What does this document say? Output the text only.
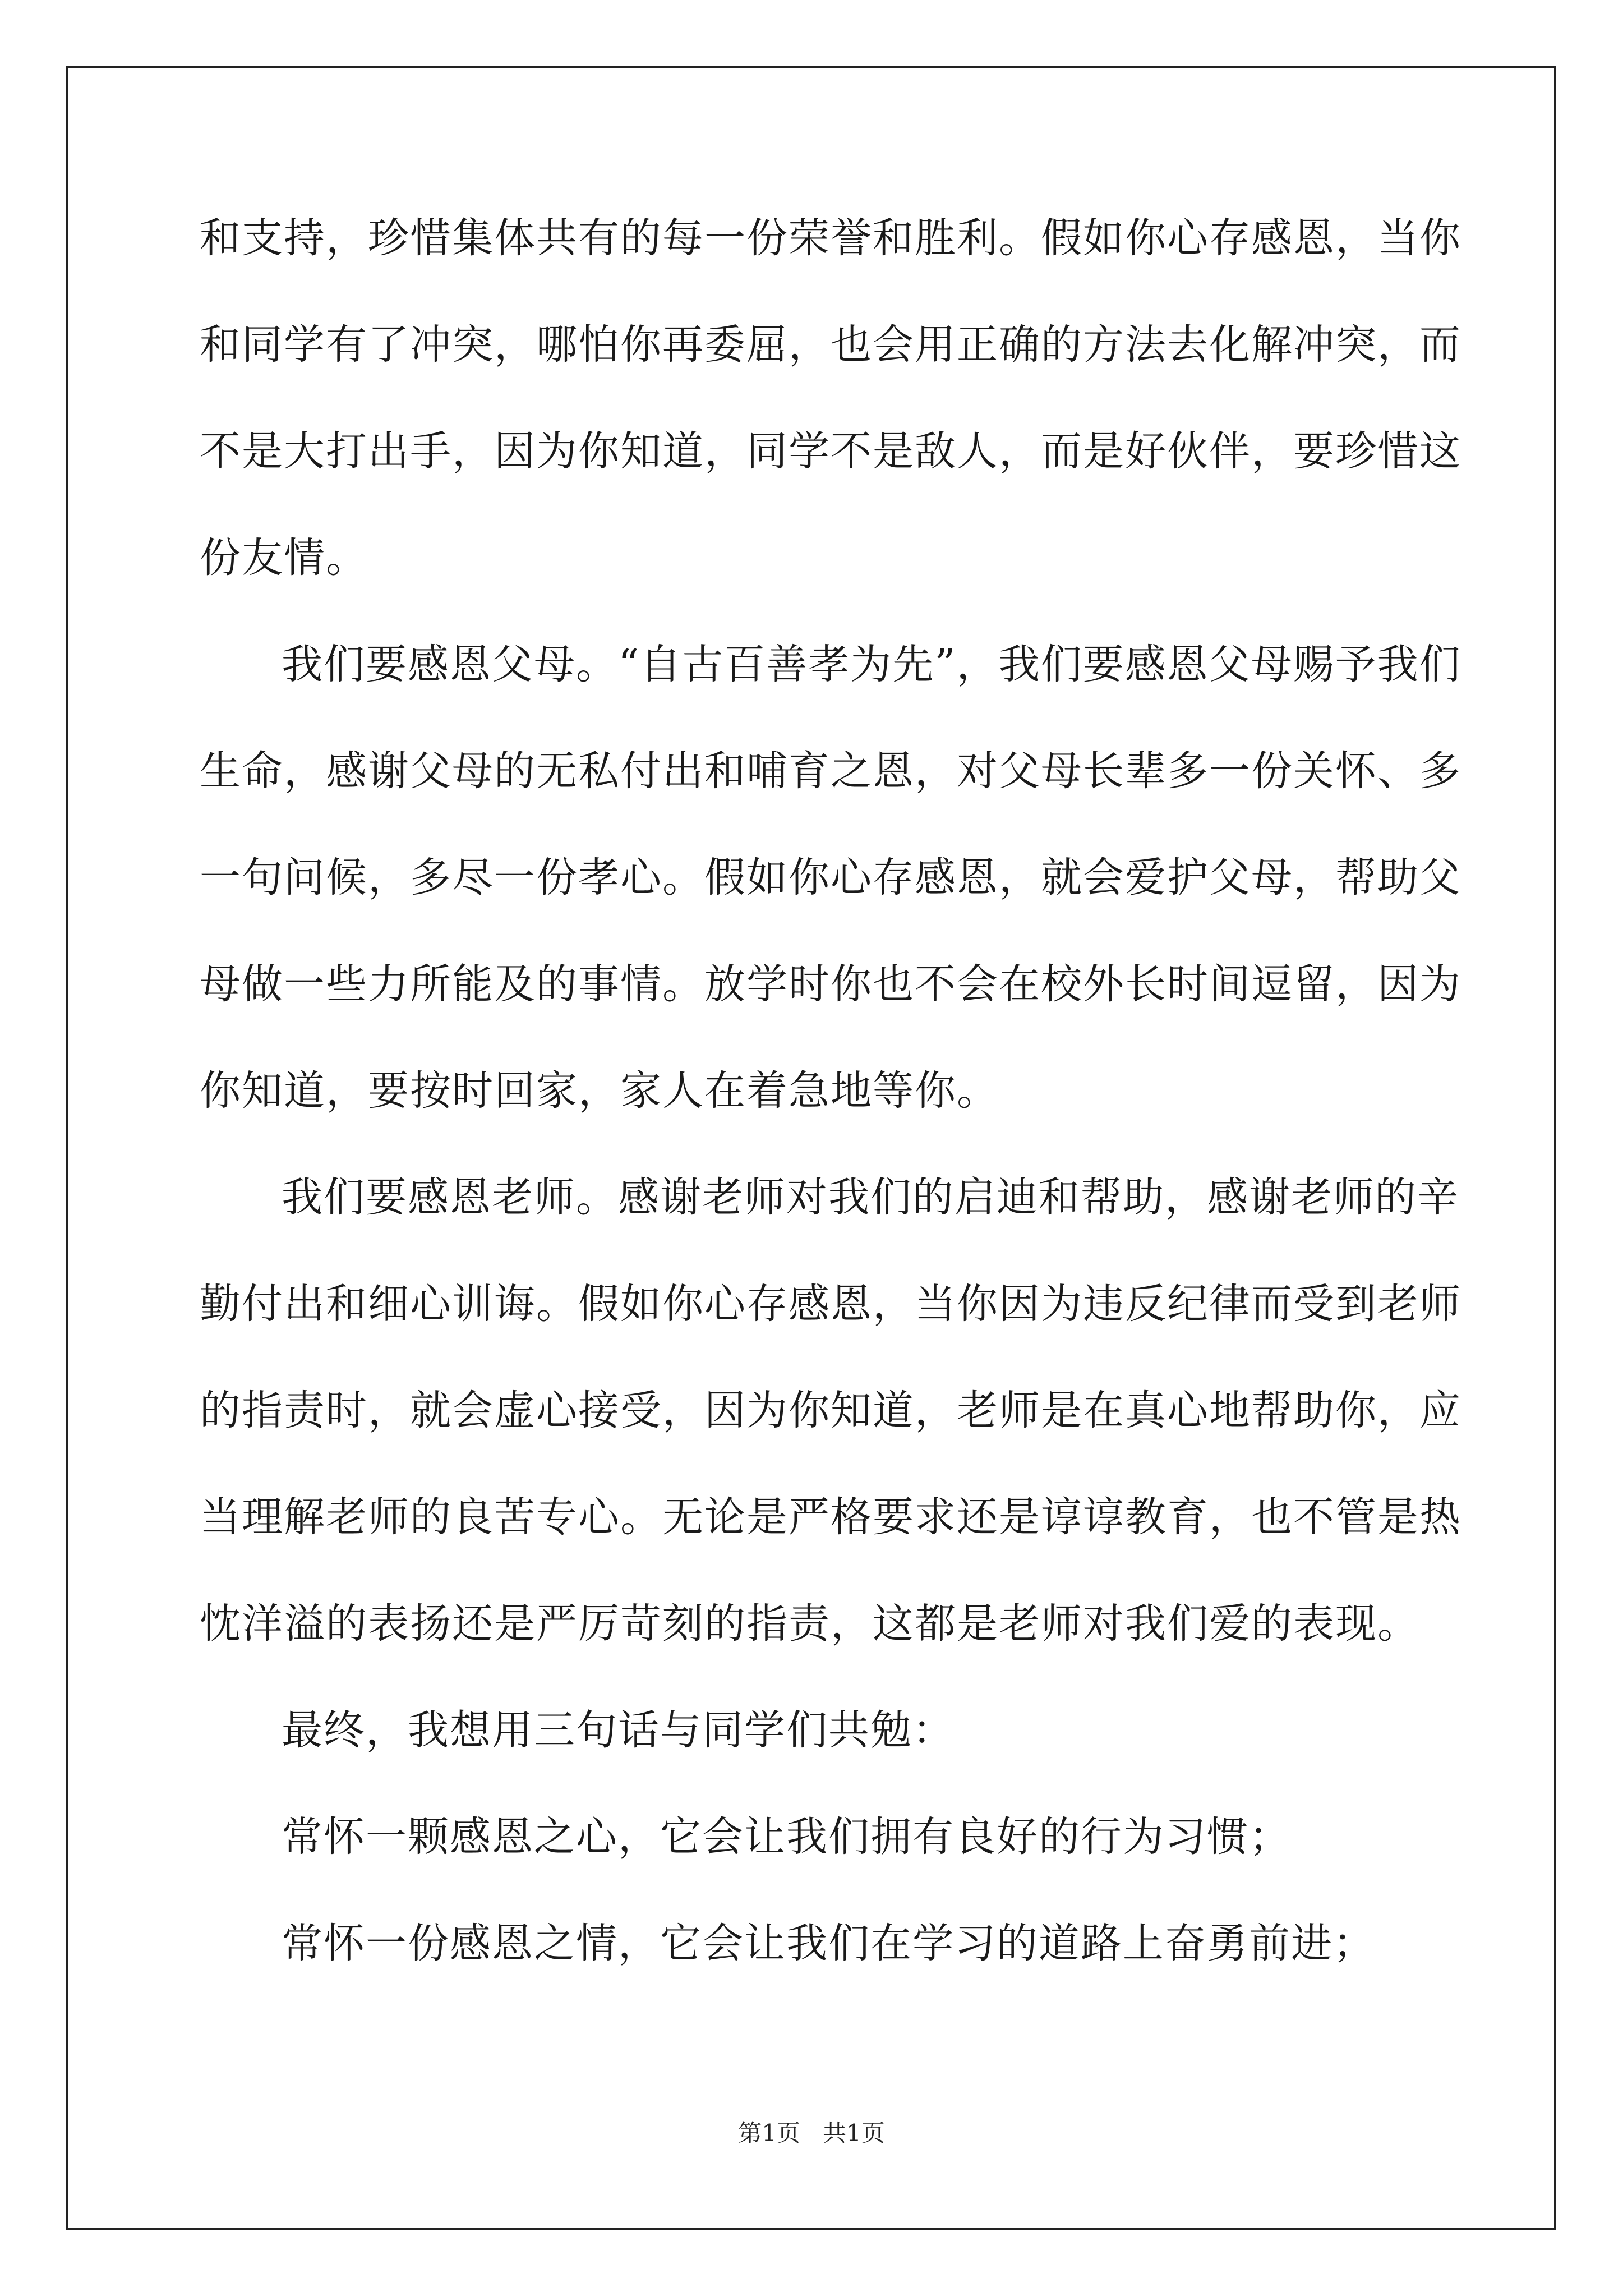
和支持，珍惜集体共有的每一份荣誉和胜利。假如你心存感恩，当你
和同学有了冲突，哪怕你再委屈，也会用正确的方法去化解冲突，而
不是大打出手，因为你知道，同学不是敌人，而是好伙伴，要珍惜这
份友情。
我们要感恩父母。“自古百善孝为先”，我们要感恩父母赐予我们
生命，感谢父母的无私付出和哺育之恩，对父母长辈多一份关怀、多
一句问候，多尽一份孝心。假如你心存感恩，就会爱护父母，帮助父
母做一些力所能及的事情。放学时你也不会在校外长时间逗留，因为
你知道，要按时回家，家人在着急地等你。
我们要感恩老师。感谢老师对我们的启迪和帮助，感谢老师的辛
勤付出和细心训诲。假如你心存感恩，当你因为违反纪律而受到老师
的指责时，就会虚心接受，因为你知道，老师是在真心地帮助你，应
当理解老师的良苦专心。无论是严格要求还是谆谆教育，也不管是热
忱洋溢的表扬还是严厉苛刻的指责，这都是老师对我们爱的表现。
最终，我想用三句话与同学们共勉：
常怀一颗感恩之心，它会让我们拥有良好的行为习惯；
常怀一份感恩之情，它会让我们在学习的道路上奋勇前进；
第1页 共1页
